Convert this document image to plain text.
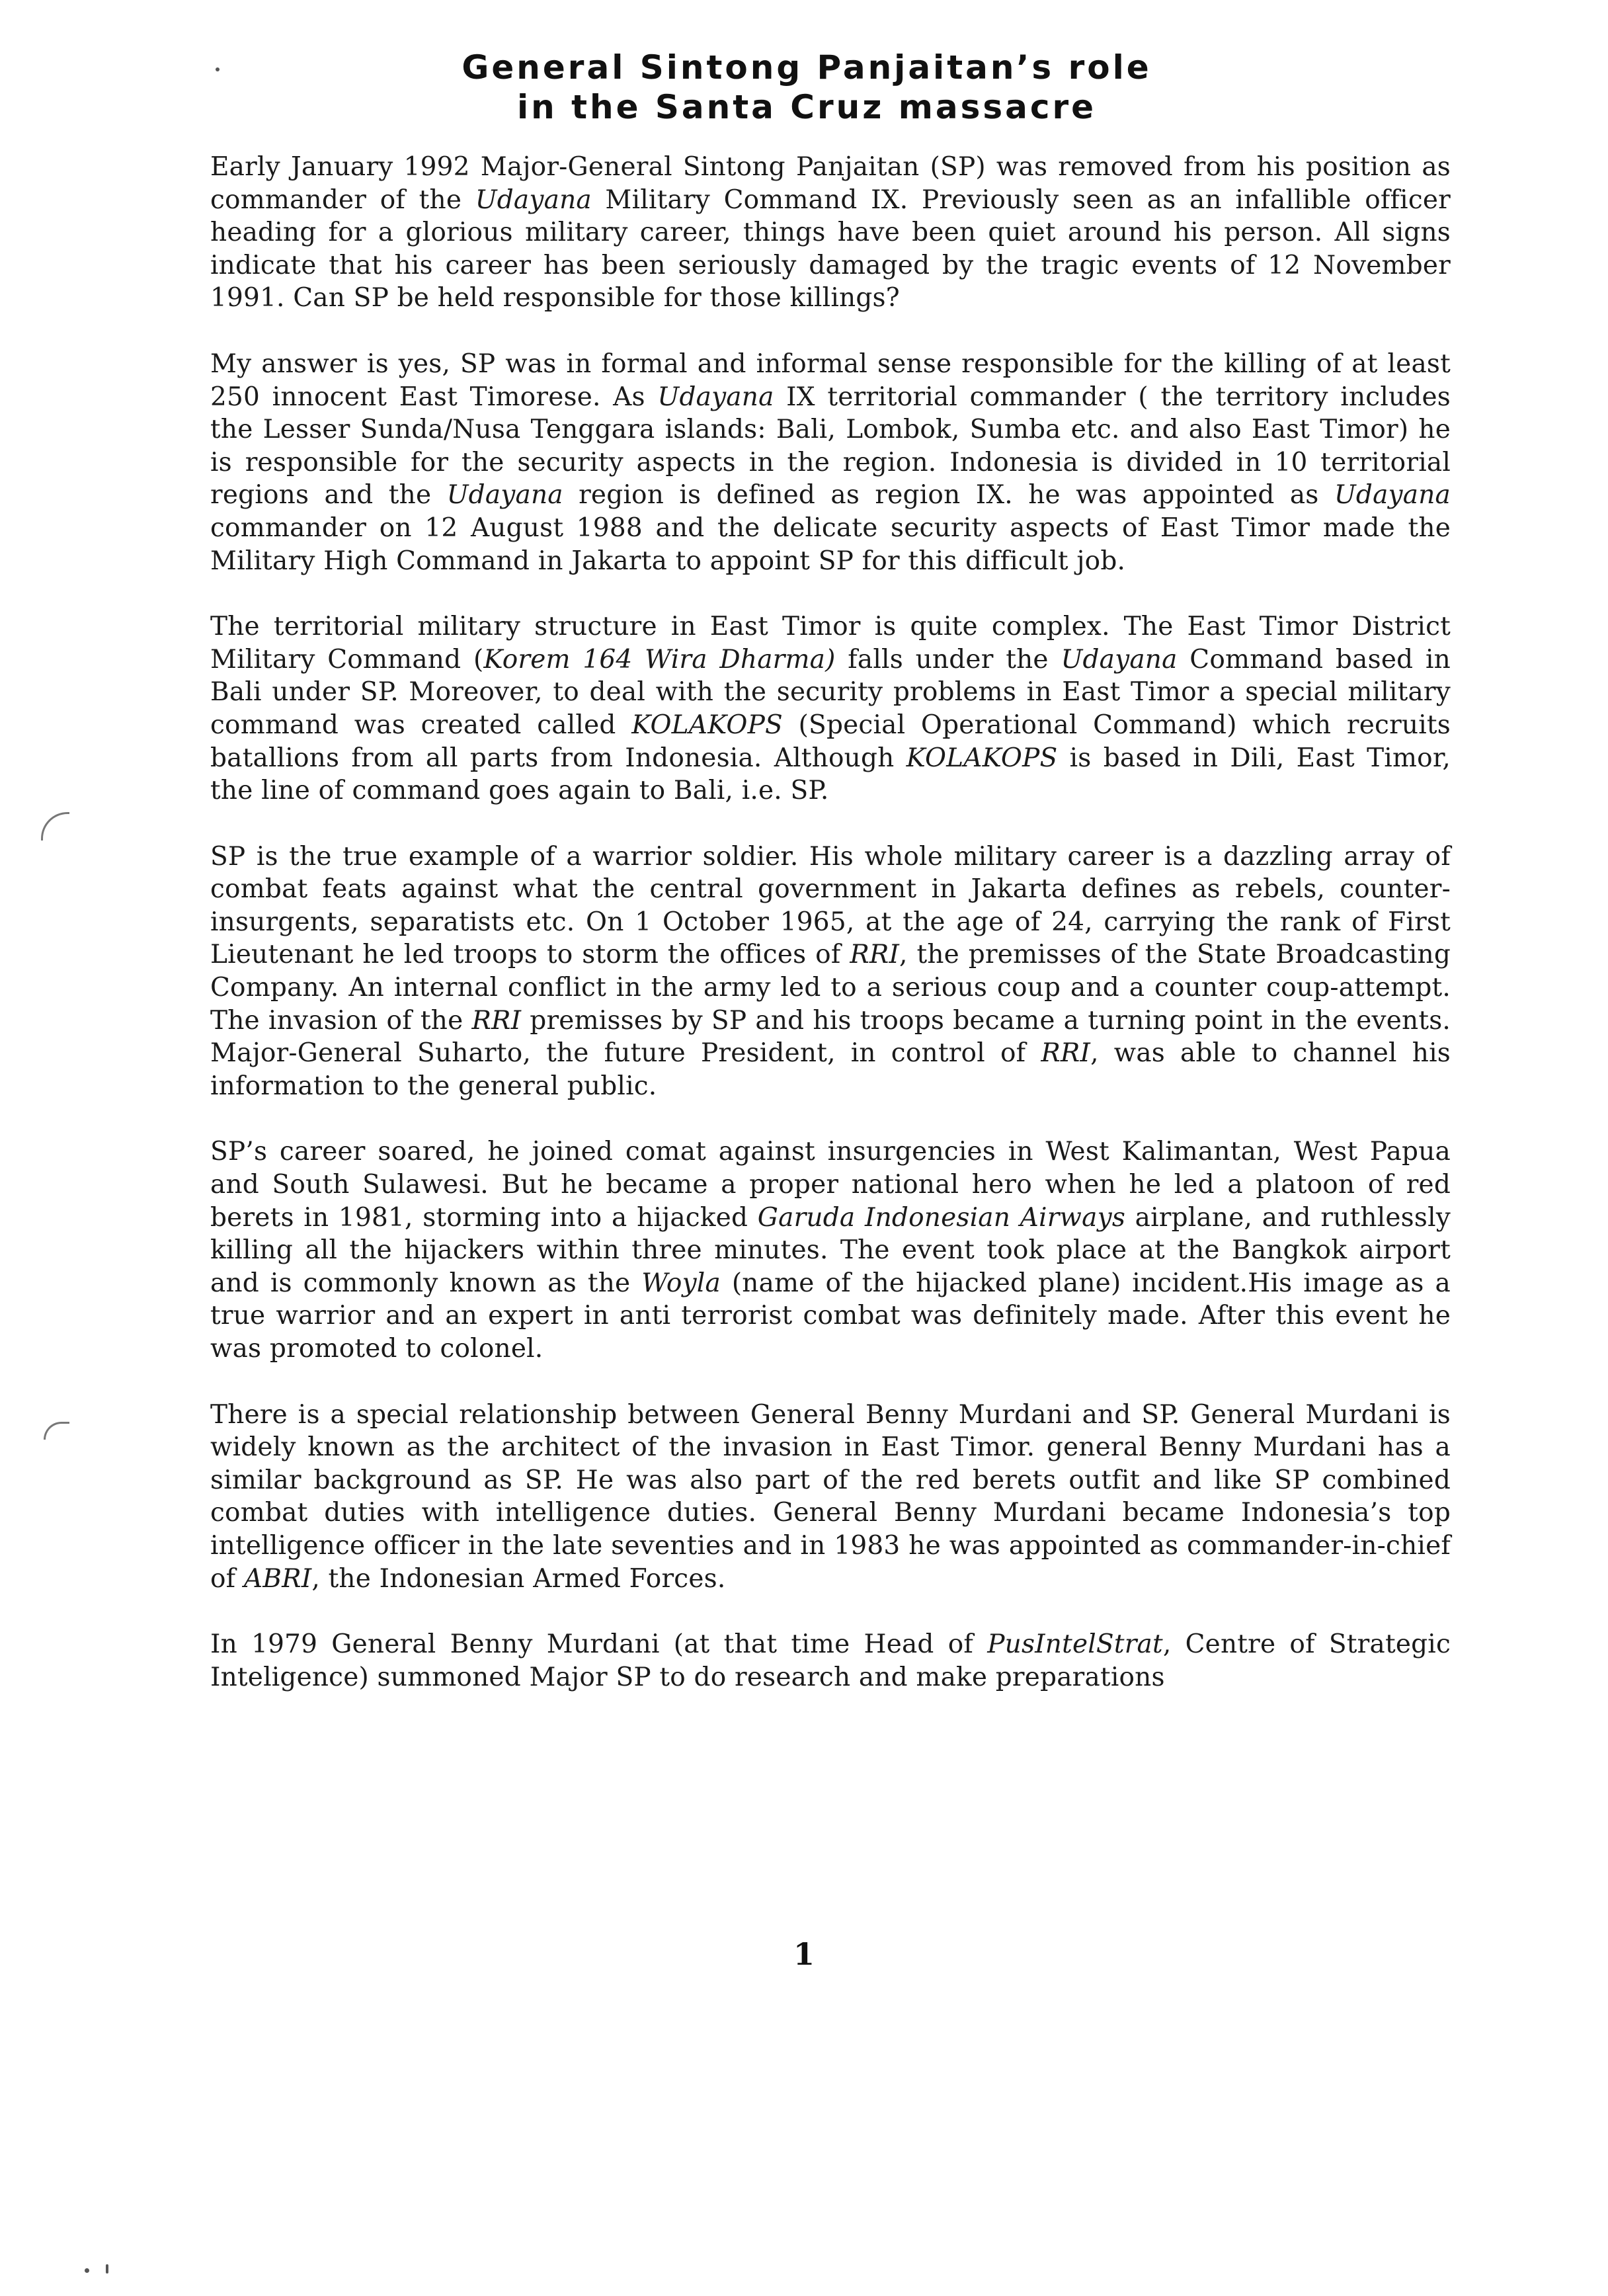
General Sintong Panjaitan’s role
in the Santa Cruz massacre

Early January 1992 Major-General Sintong Panjaitan (SP) was removed from his position as commander of the Udayana Military Command IX. Previously seen as an infallible officer heading for a glorious military career, things have been quiet around his person. All signs indicate that his career has been seriously damaged by the tragic events of 12 November 1991. Can SP be held responsible for those killings?

My answer is yes, SP was in formal and informal sense responsible for the killing of at least 250 innocent East Timorese. As Udayana IX territorial commander ( the territory includes the Lesser Sunda/Nusa Tenggara islands: Bali, Lombok, Sumba etc. and also East Timor) he is responsible for the security aspects in the region. Indonesia is divided in 10 territorial regions and the Udayana region is defined as region IX. he was appointed as Udayana commander on 12 August 1988 and the delicate security aspects of East Timor made the Military High Command in Jakarta to appoint SP for this difficult job.

The territorial military structure in East Timor is quite complex. The East Timor District Military Command (Korem 164 Wira Dharma) falls under the Udayana Command based in Bali under SP. Moreover, to deal with the security problems in East Timor a special military command was created called KOLAKOPS (Special Operational Command) which recruits batallions from all parts from Indonesia. Although KOLAKOPS is based in Dili, East Timor, the line of command goes again to Bali, i.e. SP.

SP is the true example of a warrior soldier. His whole military career is a dazzling array of combat feats against what the central government in Jakarta defines as rebels, counter-insurgents, separatists etc. On 1 October 1965, at the age of 24, carrying the rank of First Lieutenant he led troops to storm the offices of RRI, the premisses of the State Broadcasting Company. An internal conflict in the army led to a serious coup and a counter coup-attempt. The invasion of the RRI premisses by SP and his troops became a turning point in the events. Major-General Suharto, the future President, in control of RRI, was able to channel his information to the general public.

SP’s career soared, he joined comat against insurgencies in West Kalimantan, West Papua and South Sulawesi. But he became a proper national hero when he led a platoon of red berets in 1981, storming into a hijacked Garuda Indonesian Airways airplane, and ruthlessly killing all the hijackers within three minutes. The event took place at the Bangkok airport and is commonly known as the Woyla (name of the hijacked plane) incident.His image as a true warrior and an expert in anti terrorist combat was definitely made. After this event he was promoted to colonel.

There is a special relationship between General Benny Murdani and SP. General Murdani is widely known as the architect of the invasion in East Timor. general Benny Murdani has a similar background as SP. He was also part of the red berets outfit and like SP combined combat duties with intelligence duties. General Benny Murdani became Indonesia’s top intelligence officer in the late seventies and in 1983 he was appointed as commander-in-chief of ABRI, the Indonesian Armed Forces.

In 1979 General Benny Murdani (at that time Head of PusIntelStrat, Centre of Strategic Inteligence) summoned Major SP to do research and make preparations

1
